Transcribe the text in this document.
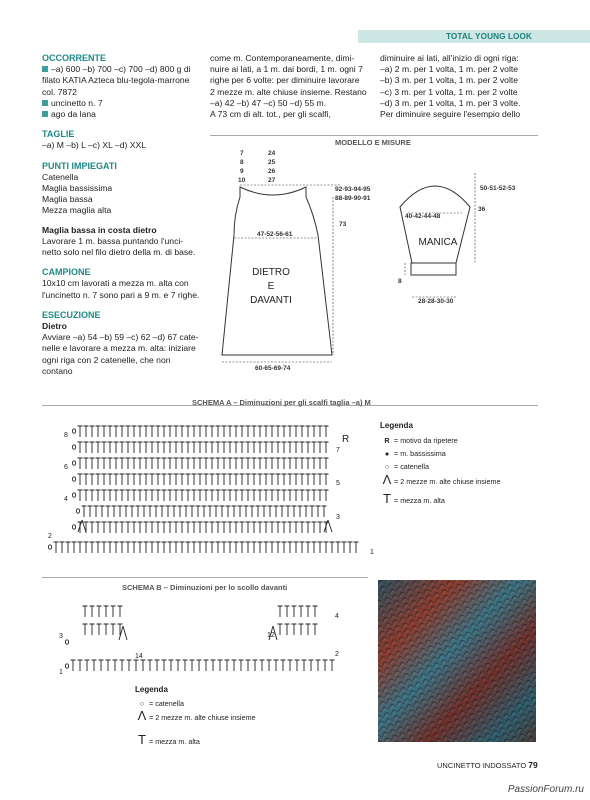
TOTAL YOUNG LOOK
OCCORRENTE
–a) 600 –b) 700 –c) 700 –d) 800 g di
filato KATIA Azteca blu-tegola-marrone
col. 7872
uncinetto n. 7
ago da lana
TAGLIE
–a) M –b) L –c) XL –d) XXL
PUNTI IMPIEGATI
Catenella
Maglia bassissima
Maglia bassa
Mezza maglia alta
Maglia bassa in costa dietro
Lavorare 1 m. bassa puntando l'unci-
netto solo nel filo dietro della m. di base.
CAMPIONE
10x10 cm lavorati a mezza m. alta con
l'uncinetto n. 7 sono pari a 9 m. e 7 righe.
ESECUZIONE
Dietro
Avviare –a) 54 –b) 59 –c) 62 –d) 67 cate-
nelle e lavorare a mezza m. alta: iniziare
ogni riga con 2 catenelle, che non contano
come m. Contemporaneamente, dimi-
nuire ai lati, a 1 m. dai bordi, 1 m. ogni 7
righe per 6 volte: per diminuire lavorare
2 mezze m. alte chiuse insieme. Restano
–a) 42 –b) 47 –c) 50 –d) 55 m.
A 73 cm di alt. tot., per gli scalfi,
diminuire ai lati, all'inizio di ogni riga:
–a) 2 m. per 1 volta, 1 m. per 2 volte
–b) 3 m. per 1 volta, 1 m. per 2 volte
–c) 3 m. per 1 volta, 1 m. per 2 volte
–d) 3 m. per 1 volta, 1 m. per 3 volte.
Per diminuire seguire l'esempio dello
MODELLO E MISURE
7
8
9
10
24
25
26
27
92-93-94-95
88-89-90-91
73
47-52-56-61
60-65-69-74
50-51-52-53
36
40-42-44-48
8
28-28-30-30
DIETRO
E
DAVANTI
MANICA
SCHEMA A – Diminuzioni per gli scalfi taglia –a) M
8
6
4
2
7
5
3
1
R
Legenda
R = motivo da ripetere
● = m. bassissima
○ = catenella
Λ = 2 mezze m. alte chiuse insieme
T = mezza m. alta
SCHEMA B – Diminuzioni per lo scollo davanti
3
1
4
2
14
12
Legenda
○ = catenella
Λ = 2 mezze m. alte chiuse insieme
T = mezza m. alta
UNCINETTO INDOSSATO 79
PassionForum.ru
